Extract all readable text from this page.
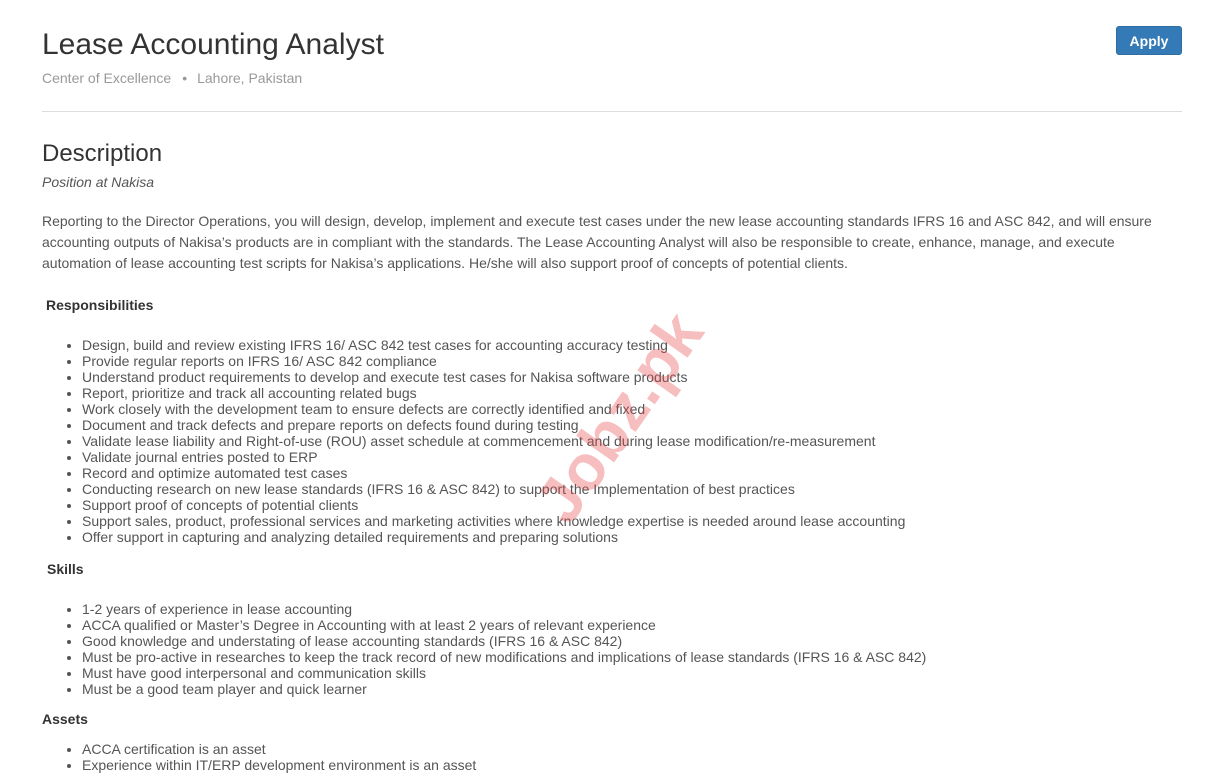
Lease Accounting Analyst
Center of Excellence • Lahore, Pakistan
Apply
Description
Position at Nakisa

Reporting to the Director Operations, you will design, develop, implement and execute test cases under the new lease accounting standards IFRS 16 and ASC 842, and will ensure accounting outputs of Nakisa’s products are in compliant with the standards. The Lease Accounting Analyst will also be responsible to create, enhance, manage, and execute automation of lease accounting test scripts for Nakisa’s applications. He/she will also support proof of concepts of potential clients.

Responsibilities
• Design, build and review existing IFRS 16/ ASC 842 test cases for accounting accuracy testing
• Provide regular reports on IFRS 16/ ASC 842 compliance
• Understand product requirements to develop and execute test cases for Nakisa software products
• Report, prioritize and track all accounting related bugs
• Work closely with the development team to ensure defects are correctly identified and fixed
• Document and track defects and prepare reports on defects found during testing
• Validate lease liability and Right-of-use (ROU) asset schedule at commencement and during lease modification/re-measurement
• Validate journal entries posted to ERP
• Record and optimize automated test cases
• Conducting research on new lease standards (IFRS 16 & ASC 842) to support the Implementation of best practices
• Support proof of concepts of potential clients
• Support sales, product, professional services and marketing activities where knowledge expertise is needed around lease accounting
• Offer support in capturing and analyzing detailed requirements and preparing solutions
Skills
• 1-2 years of experience in lease accounting
• ACCA qualified or Master’s Degree in Accounting with at least 2 years of relevant experience
• Good knowledge and understating of lease accounting standards (IFRS 16 & ASC 842)
• Must be pro-active in researches to keep the track record of new modifications and implications of lease standards (IFRS 16 & ASC 842)
• Must have good interpersonal and communication skills
• Must be a good team player and quick learner
Assets
• ACCA certification is an asset
• Experience within IT/ERP development environment is an asset
Jobz.pk
